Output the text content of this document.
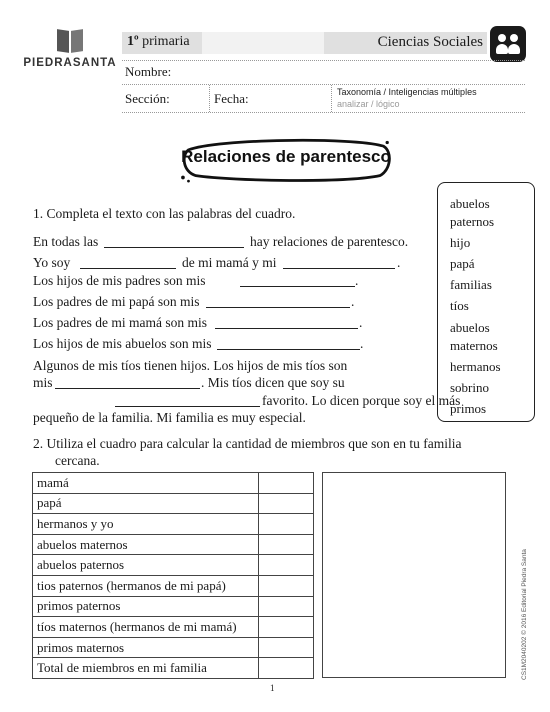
PIEDRASANTA
1º primaria	Ciencias Sociales
Nombre:
Sección:	Fecha:	Taxonomía / Inteligencias múltiples
analizar / lógico
Relaciones de parentesco
abuelos
paternos
hijo
papá
familias
tíos
abuelos
maternos
hermanos
sobrino
primos
1. Completa el texto con las palabras del cuadro.
En todas las	hay relaciones de parentesco.
Yo soy	de mi mamá y mi	.
Los hijos de mis padres son mis	.
Los padres de mi papá son mis	.
Los padres de mi mamá son mis	.
Los hijos de mis abuelos son mis	.
Algunos de mis tíos tienen hijos. Los hijos de mis tíos son
mis	. Mis tíos dicen que soy su
favorito. Lo dicen porque soy el más
pequeño de la familia. Mi familia es muy especial.
2. Utiliza el cuadro para calcular la cantidad de miembros que son en tu familia
cercana.
mamá	
papá	
hermanos y yo	
abuelos maternos	
abuelos paternos	
tios paternos (hermanos de mi papá)	
primos paternos	
tíos maternos (hermanos de mi mamá)	
primos maternos	
Total de miembros en mi familia		CS1M2040202 © 2016 Editorial Piedra Santa
1
